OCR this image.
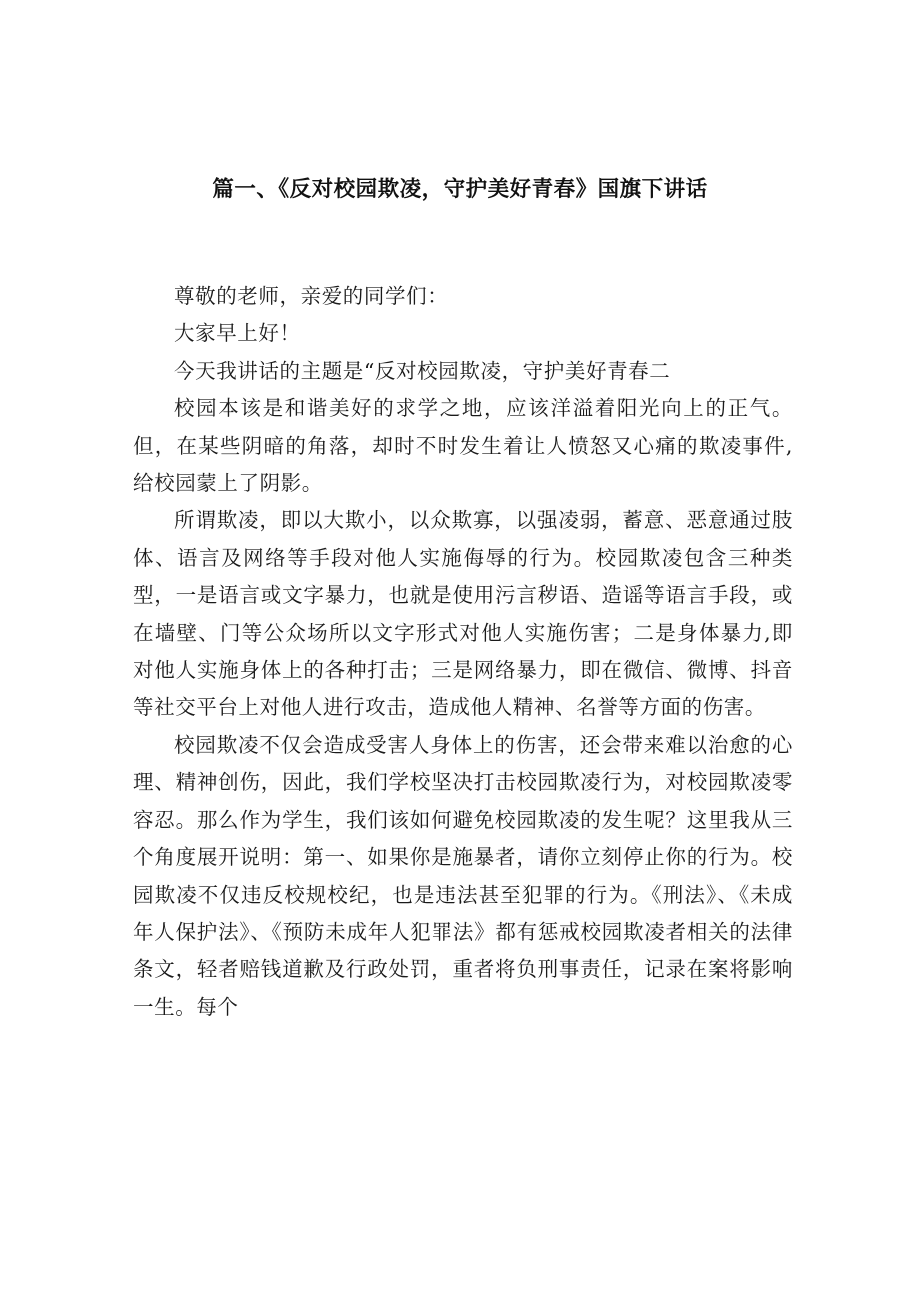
篇一、《反对校园欺凌，守护美好青春》国旗下讲话

尊敬的老师，亲爱的同学们：

大家早上好！

今天我讲话的主题是“反对校园欺凌，守护美好青春二

校园本该是和谐美好的求学之地，应该洋溢着阳光向上的正气。但，在某些阴暗的角落，却时不时发生着让人愤怒又心痛的欺凌事件,给校园蒙上了阴影。

所谓欺凌，即以大欺小，以众欺寡，以强凌弱，蓄意、恶意通过肢体、语言及网络等手段对他人实施侮辱的行为。校园欺凌包含三种类型，一是语言或文字暴力，也就是使用污言秽语、造谣等语言手段，或在墙壁、门等公众场所以文字形式对他人实施伤害；二是身体暴力,即对他人实施身体上的各种打击；三是网络暴力，即在微信、微博、抖音等社交平台上对他人进行攻击，造成他人精神、名誉等方面的伤害。

校园欺凌不仅会造成受害人身体上的伤害，还会带来难以治愈的心理、精神创伤，因此，我们学校坚决打击校园欺凌行为，对校园欺凌零容忍。那么作为学生，我们该如何避免校园欺凌的发生呢？这里我从三个角度展开说明：第一、如果你是施暴者，请你立刻停止你的行为。校园欺凌不仅违反校规校纪，也是违法甚至犯罪的行为。《刑法》、《未成年人保护法》、《预防未成年人犯罪法》都有惩戒校园欺凌者相关的法律条文，轻者赔钱道歉及行政处罚，重者将负刑事责任，记录在案将影响一生。每个
